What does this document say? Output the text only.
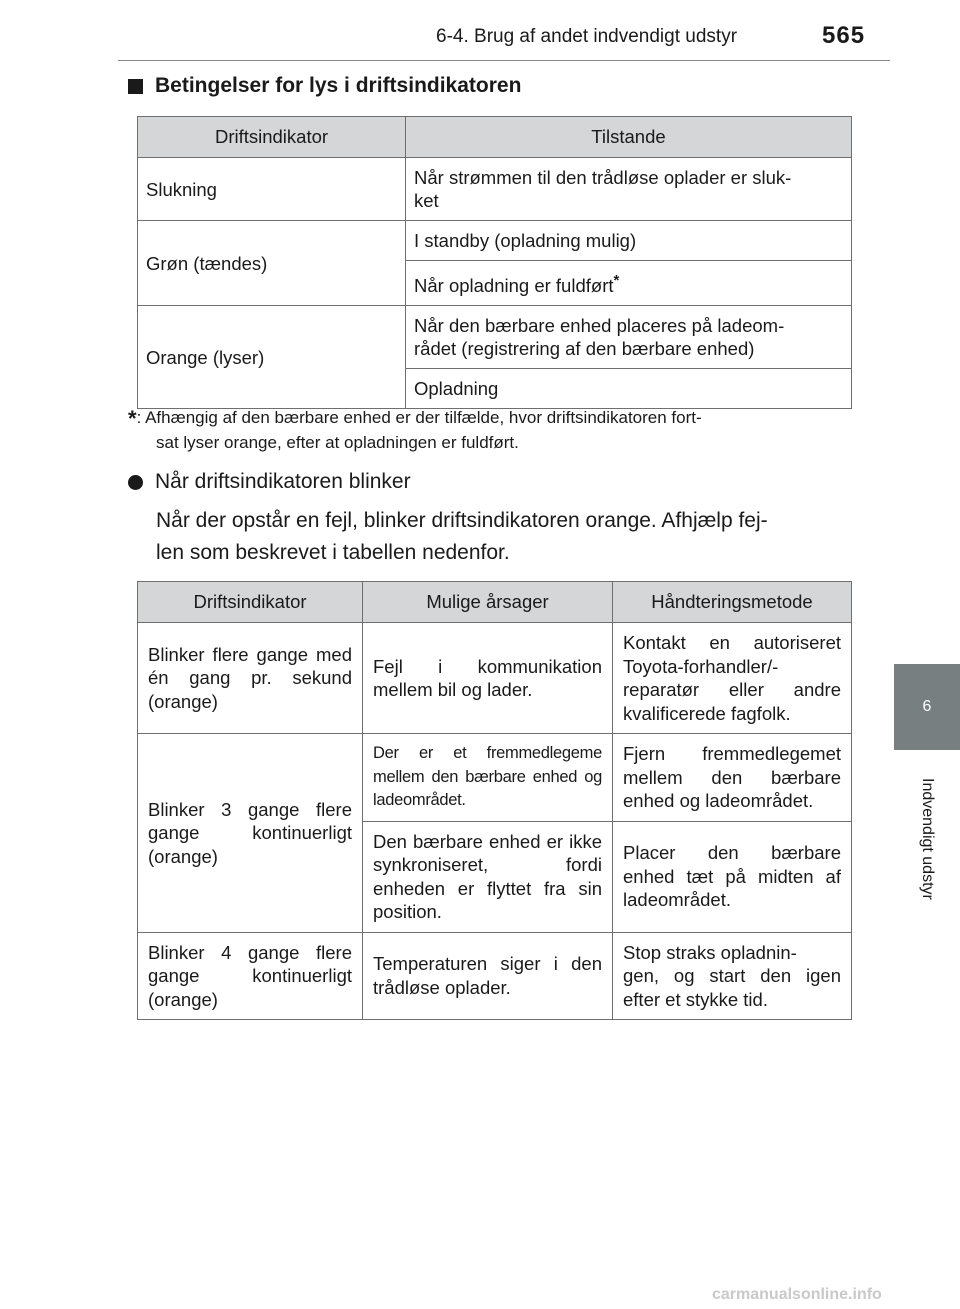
6-4. Brug af andet indvendigt udstyr	565
6
Indvendigt udstyr
Betingelser for lys i driftsindikatoren
Driftsindikator	Tilstande
Slukning	Når strømmen til den trådløse oplader er sluk-
ket
Grøn (tændes)	I standby (opladning mulig)
	Når opladning er fuldført*
Orange (lyser)	Når den bærbare enhed placeres på ladeom-
rådet (registrering af den bærbare enhed)
	Opladning
*: Afhængig af den bærbare enhed er der tilfælde, hvor driftsindikatoren fort-
sat lyser orange, efter at opladningen er fuldført.
Når driftsindikatoren blinker
Når der opstår en fejl, blinker driftsindikatoren orange. Afhjælp fej-
len som beskrevet i tabellen nedenfor.
Driftsindikator	Mulige årsager	Håndteringsmetode
Blinker flere gange med én gang pr. sekund (orange)	Fejl i kommunikation mellem bil og lader.	Kontakt en autoriseret Toyota-forhandler/-reparatør eller andre kvalificerede fagfolk.
Blinker 3 gange flere gange kontinuerligt (orange)	Der er et fremmedlegeme mellem den bærbare enhed og ladeområdet.	Fjern fremmedlegemet mellem den bærbare enhed og ladeområdet.
	Den bærbare enhed er ikke synkroniseret, fordi enheden er flyttet fra sin position.	Placer den bærbare enhed tæt på midten af ladeområdet.
Blinker 4 gange flere gange kontinuerligt (orange)	Temperaturen siger i den trådløse oplader.	Stop straks opladnin-
gen, og start den igen efter et stykke tid.
carmanualsonline.info
